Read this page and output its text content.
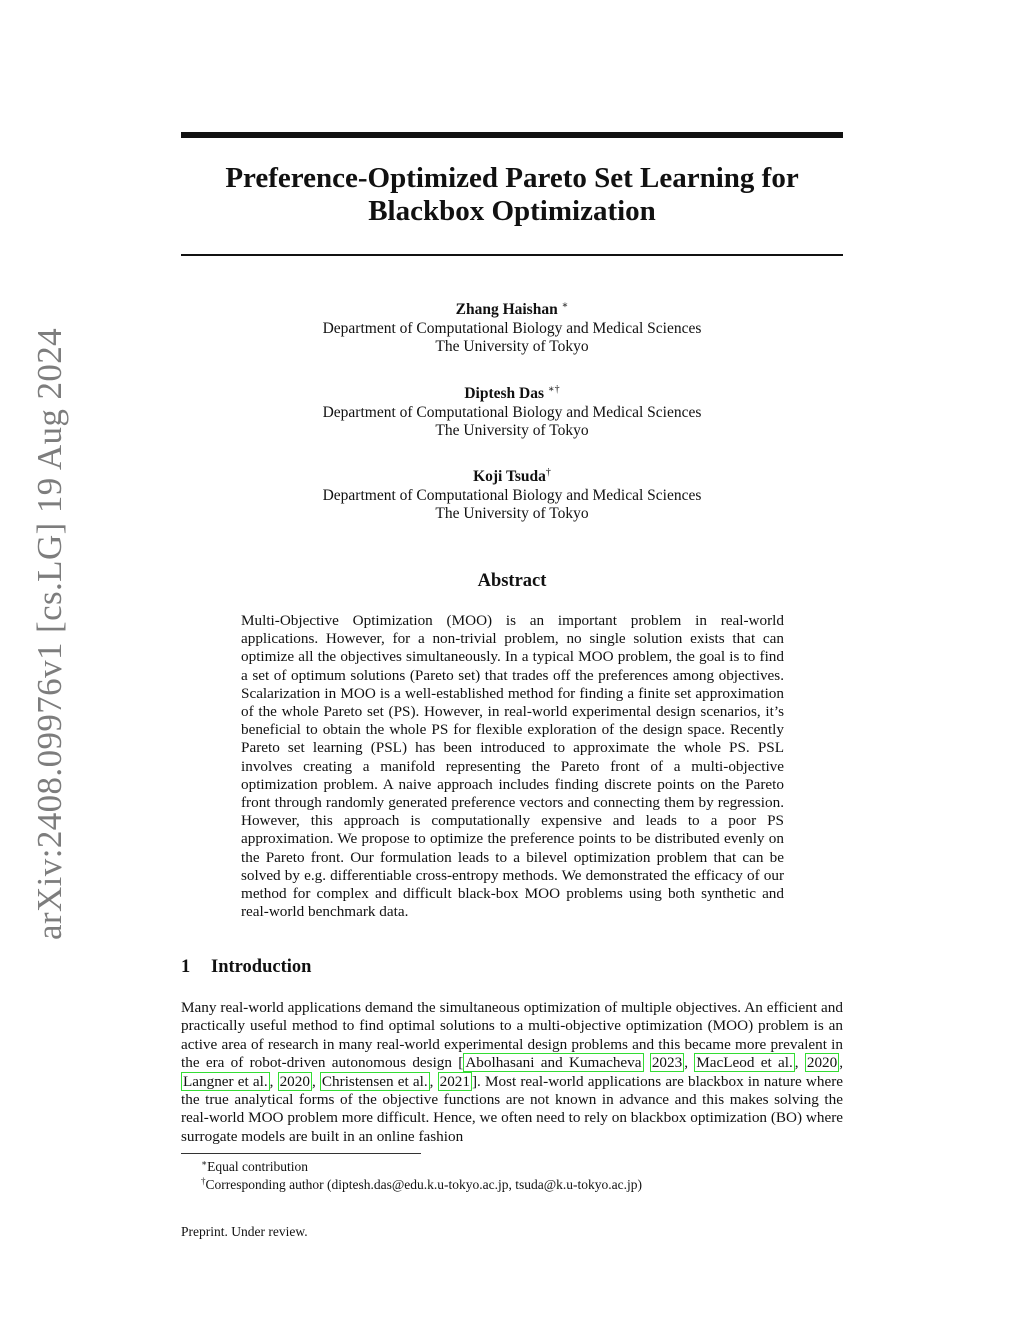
arXiv:2408.09976v1 [cs.LG] 19 Aug 2024
Preference-Optimized Pareto Set Learning for
Blackbox Optimization
Zhang Haishan ∗
Department of Computational Biology and Medical Sciences
The University of Tokyo
Diptesh Das ∗†
Department of Computational Biology and Medical Sciences
The University of Tokyo
Koji Tsuda†
Department of Computational Biology and Medical Sciences
The University of Tokyo
Abstract
Multi-Objective Optimization (MOO) is an important problem in real-world applications. However, for a non-trivial problem, no single solution exists that can optimize all the objectives simultaneously. In a typical MOO problem, the goal is to find a set of optimum solutions (Pareto set) that trades off the preferences among objectives. Scalarization in MOO is a well-established method for finding a finite set approximation of the whole Pareto set (PS). However, in real-world experimental design scenarios, it’s beneficial to obtain the whole PS for flexible exploration of the design space. Recently Pareto set learning (PSL) has been introduced to approximate the whole PS. PSL involves creating a manifold representing the Pareto front of a multi-objective optimization problem. A naive approach includes finding discrete points on the Pareto front through randomly generated preference vectors and connecting them by regression. However, this approach is computationally expensive and leads to a poor PS approximation. We propose to optimize the preference points to be distributed evenly on the Pareto front. Our formulation leads to a bilevel optimization problem that can be solved by e.g. differentiable cross-entropy methods. We demonstrated the efficacy of our method for complex and difficult black-box MOO problems using both synthetic and real-world benchmark data.
1 Introduction
Many real-world applications demand the simultaneous optimization of multiple objectives. An efficient and practically useful method to find optimal solutions to a multi-objective optimization (MOO) problem is an active area of research in many real-world experimental design problems and this became more prevalent in the era of robot-driven autonomous design [ Abolhasani and Kumacheva 2023 , MacLeod et al. , 2020 , Langner et al. , 2020 , Christensen et al. , 2021 ]. Most real-world applications are blackbox in nature where the true analytical forms of the objective functions are not known in advance and this makes solving the real-world MOO problem more difficult. Hence, we often need to rely on blackbox optimization (BO) where surrogate models are built in an online fashion
∗Equal contribution
†Corresponding author (diptesh.das@edu.k.u-tokyo.ac.jp, tsuda@k.u-tokyo.ac.jp)
Preprint. Under review.
